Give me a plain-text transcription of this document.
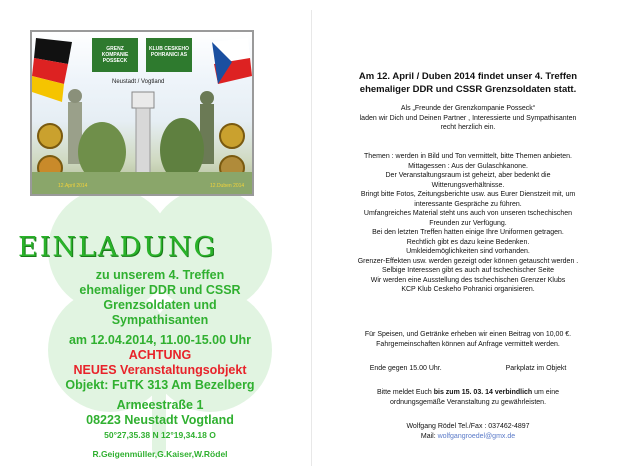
GRENZ KOMPANIE POSSECK
KLUB CESKEHO POHRANICI AS
Neustadt / Vogtland
12.April 2014	12.Duben 2014
EINLADUNG
zu unserem 4. Treffen
ehemaliger DDR und CSSR
Grenzsoldaten und
Sympathisanten
am 12.04.2014, 11.00-15.00 Uhr
ACHTUNG
NEUES Veranstaltungsobjekt
Objekt: FuTK 313 Am Bezelberg
Armeestraße 1
08223 Neustadt Vogtland
50°27,35.38 N 12°19,34.18 O
R.Geigenmüller,G.Kaiser,W.Rödel
Am 12. April / Duben 2014 findet unser 4. Treffen
ehemaliger DDR und CSSR Grenzsoldaten statt.
Als „Freunde der Grenzkompanie Posseck“
laden wir Dich und Deinen Partner , Interessierte und Sympathisanten
recht herzlich ein.
Themen : werden in Bild und Ton vermittelt, bitte Themen anbieten.
Mittagessen : Aus der Gulaschkanone.
Der Veranstaltungsraum ist geheizt, aber bedenkt die
Witterungsverhältnisse.
Bringt bitte Fotos, Zeitungsberichte usw. aus Eurer Dienstzeit mit, um
interessante Gespräche zu führen.
Umfangreiches Material steht uns auch von unseren tschechischen
Freunden zur Verfügung.
Bei den letzten Treffen hatten einige Ihre Uniformen getragen.
Rechtlich gibt es dazu keine Bedenken.
Umkleidemöglichkeiten sind vorhanden.
Grenzer-Effekten usw. werden gezeigt oder können getauscht werden .
Selbige Interessen gibt es auch auf tschechischer Seite
Wir werden eine Ausstellung des tschechischen Grenzer Klubs
KCP Klub Ceskeho Pohranici organisieren.
Für Speisen, und Getränke erheben wir einen Beitrag von 10,00 €.
Fahrgemeinschaften können auf Anfrage vermittelt werden.
Ende gegen 15.00 Uhr.	Parkplatz im Objekt
Bitte meldet Euch bis zum 15. 03. 14 verbindlich um eine
ordnungsgemäße Veranstaltung zu gewährleisten.
Wolfgang Rödel Tel./Fax : 037462-4897
Mail: wolfgangroedel@gmx.de
